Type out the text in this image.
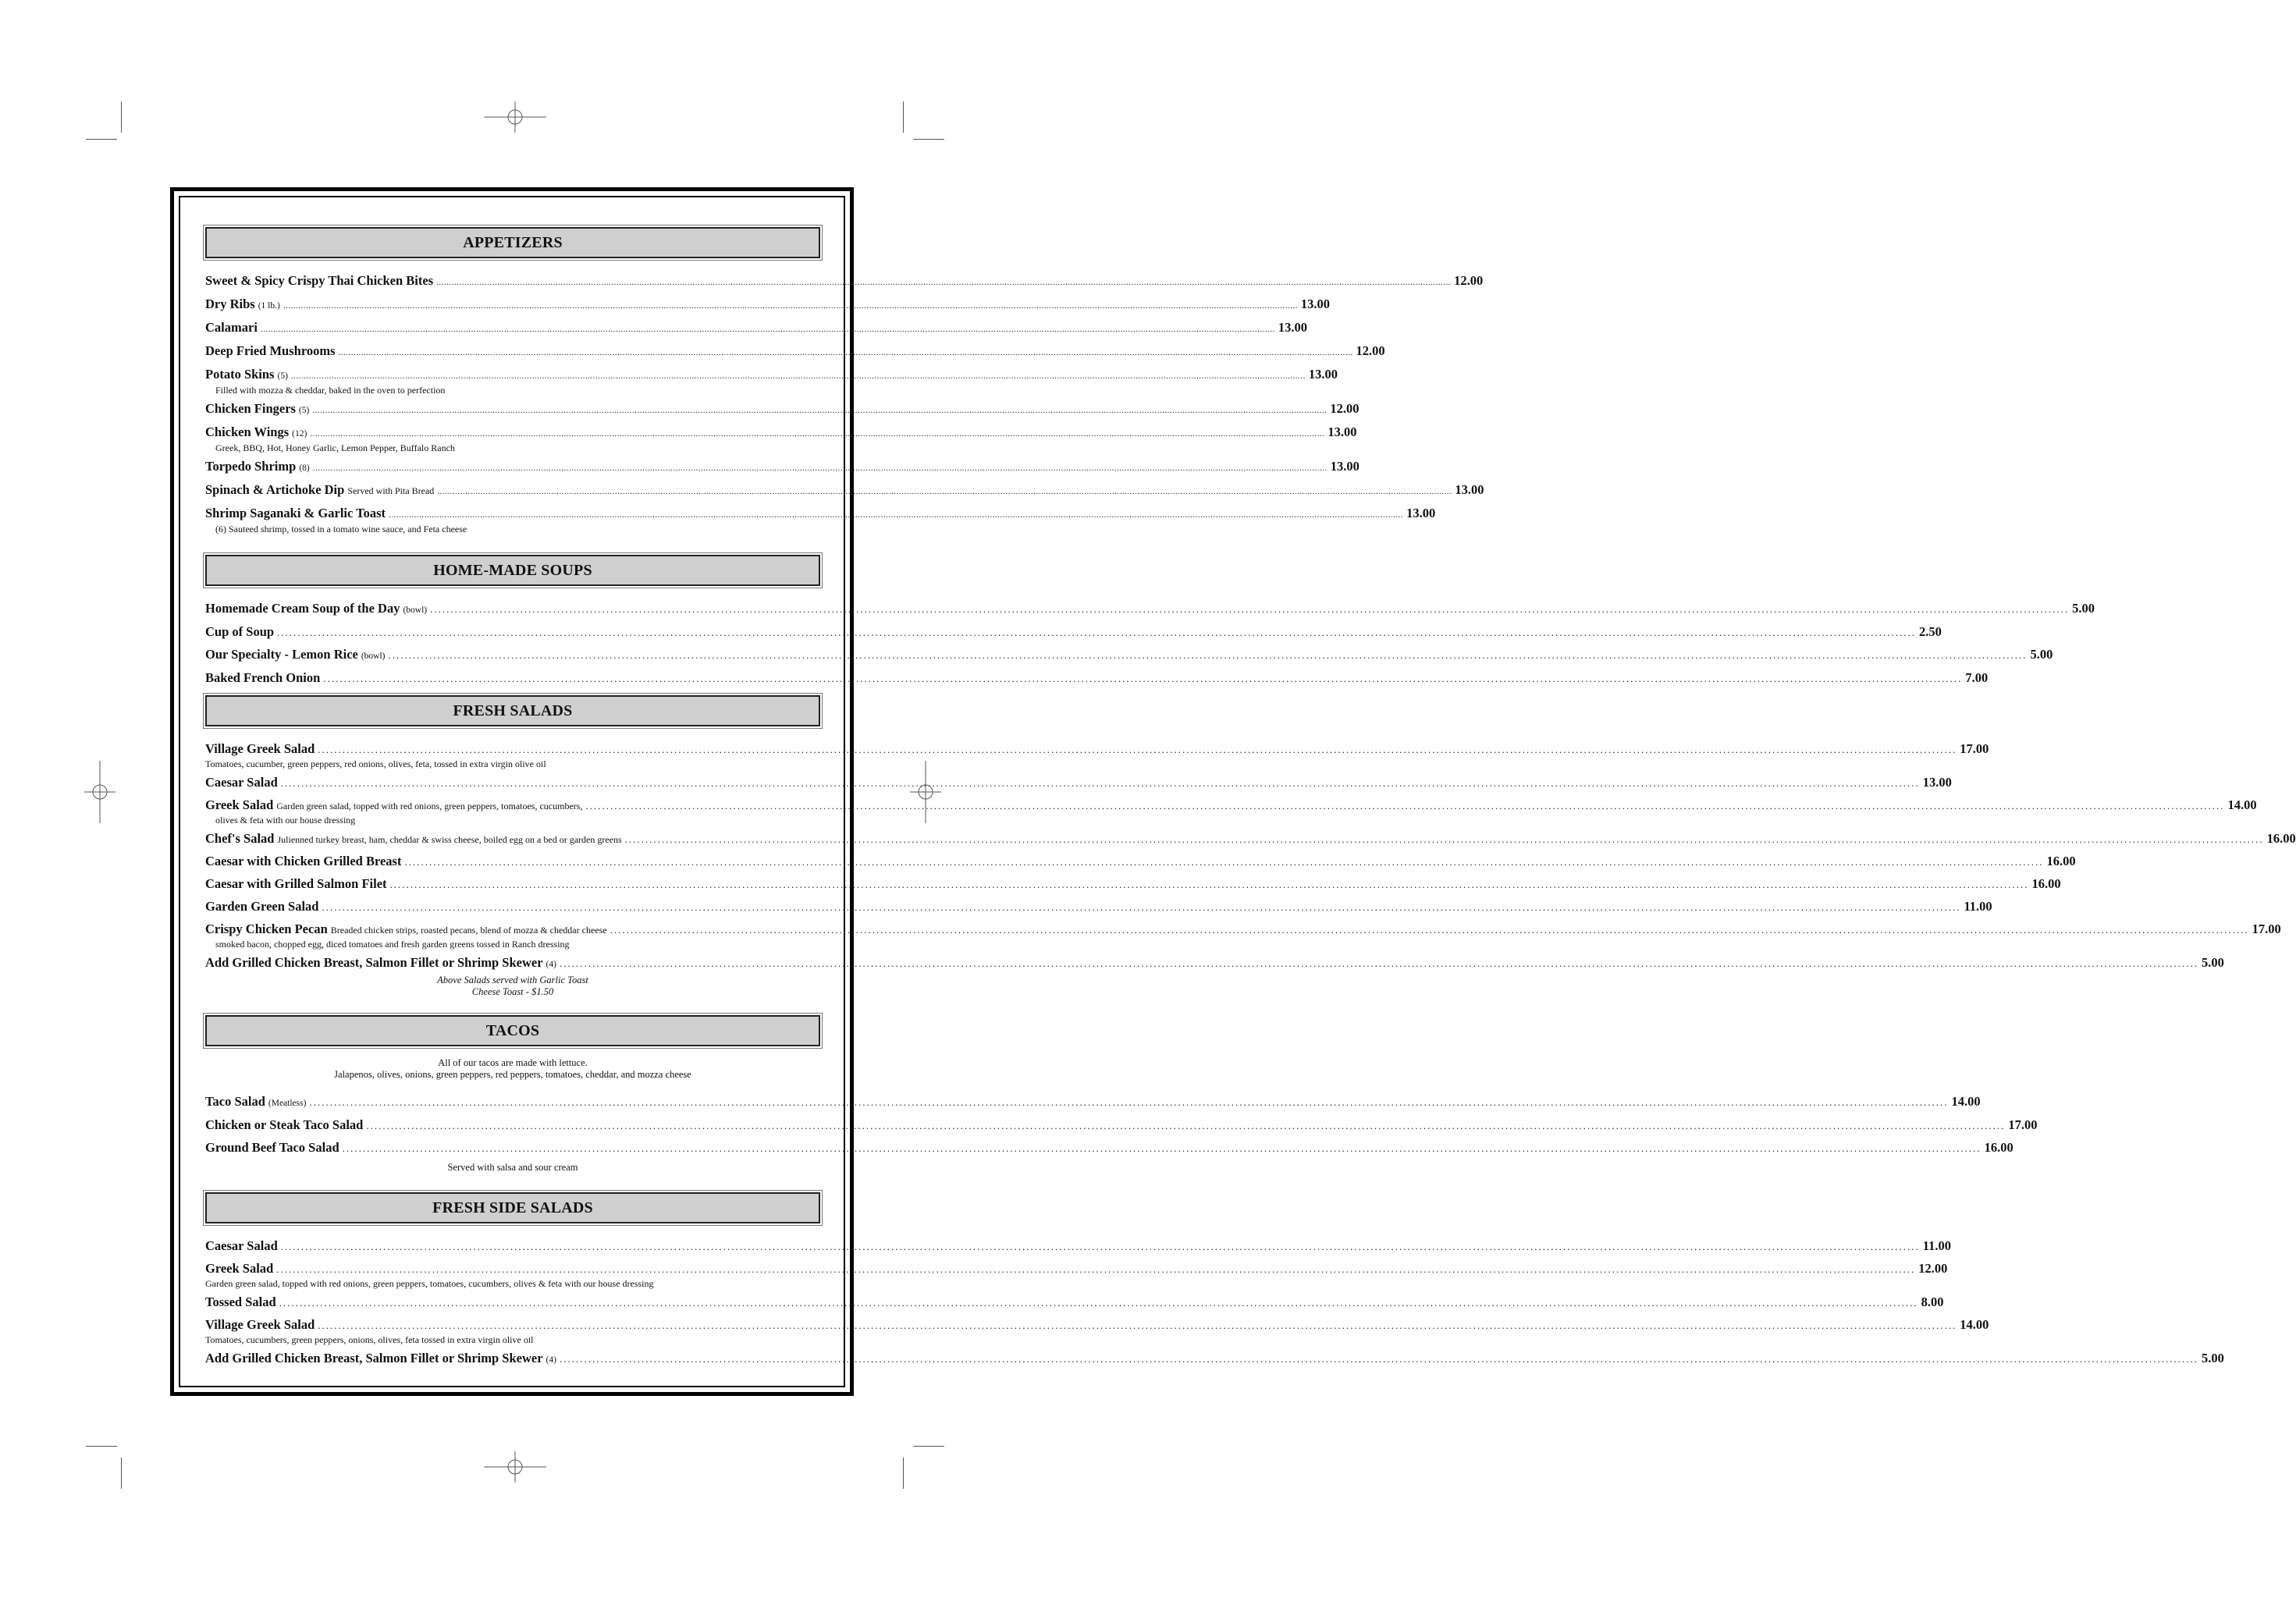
APPETIZERS
Sweet & Spicy Crispy Thai Chicken Bites ................................................................................................................................................................................................................................................................................................................................................................................................................ 12.00
Dry Ribs (1 lb.) ................................................................................................................................................................................................................................................................................................................................................................................................................ 13.00
Calamari ................................................................................................................................................................................................................................................................................................................................................................................................................ 13.00
Deep Fried Mushrooms ................................................................................................................................................................................................................................................................................................................................................................................................................ 12.00
Potato Skins (5) ................................................................................................................................................................................................................................................................................................................................................................................................................ 13.00
Filled with mozza & cheddar, baked in the oven to perfection
Chicken Fingers (5) ................................................................................................................................................................................................................................................................................................................................................................................................................ 12.00
Chicken Wings (12) ................................................................................................................................................................................................................................................................................................................................................................................................................ 13.00
Greek, BBQ, Hot, Honey Garlic, Lemon Pepper, Buffalo Ranch
Torpedo Shrimp (8) ................................................................................................................................................................................................................................................................................................................................................................................................................ 13.00
Spinach & Artichoke Dip Served with Pita Bread ................................................................................................................................................................................................................................................................................................................................................................................................................ 13.00
Shrimp Saganaki & Garlic Toast ................................................................................................................................................................................................................................................................................................................................................................................................................ 13.00
(6) Sauteed shrimp, tossed in a tomato wine sauce, and Feta cheese
HOME-MADE SOUPS
Homemade Cream Soup of the Day (bowl) ................................................................................................................................................................................................................................................................................................................................................................................................................ 5.00
Cup of Soup ................................................................................................................................................................................................................................................................................................................................................................................................................ 2.50
Our Specialty - Lemon Rice (bowl) ................................................................................................................................................................................................................................................................................................................................................................................................................ 5.00
Baked French Onion ................................................................................................................................................................................................................................................................................................................................................................................................................ 7.00
FRESH SALADS
Village Greek Salad ................................................................................................................................................................................................................................................................................................................................................................................................................ 17.00
Tomatoes, cucumber, green peppers, red onions, olives, feta, tossed in extra virgin olive oil
Caesar Salad ................................................................................................................................................................................................................................................................................................................................................................................................................ 13.00
Greek Salad Garden green salad, topped with red onions, green peppers, tomatoes, cucumbers, ................................................................................................................................................................................................................................................................................................................................................................................................................ 14.00
olives & feta with our house dressing
Chef's Salad Julienned turkey breast, ham, cheddar & swiss cheese, boiled egg on a bed or garden greens ................................................................................................................................................................................................................................................................................................................................................................................................................ 16.00
Caesar with Chicken Grilled Breast ................................................................................................................................................................................................................................................................................................................................................................................................................ 16.00
Caesar with Grilled Salmon Filet ................................................................................................................................................................................................................................................................................................................................................................................................................ 16.00
Garden Green Salad ................................................................................................................................................................................................................................................................................................................................................................................................................ 11.00
Crispy Chicken Pecan Breaded chicken strips, roasted pecans, blend of mozza & cheddar cheese ................................................................................................................................................................................................................................................................................................................................................................................................................ 17.00
smoked bacon, chopped egg, diced tomatoes and fresh garden greens tossed in Ranch dressing
Add Grilled Chicken Breast, Salmon Fillet or Shrimp Skewer (4) ................................................................................................................................................................................................................................................................................................................................................................................................................ 5.00
Above Salads served with Garlic Toast
Cheese Toast - $1.50
TACOS
All of our tacos are made with lettuce.
Jalapenos, olives, onions, green peppers, red peppers, tomatoes, cheddar, and mozza cheese
Taco Salad (Meatless) ................................................................................................................................................................................................................................................................................................................................................................................................................ 14.00
Chicken or Steak Taco Salad ................................................................................................................................................................................................................................................................................................................................................................................................................ 17.00
Ground Beef Taco Salad ................................................................................................................................................................................................................................................................................................................................................................................................................ 16.00
Served with salsa and sour cream
FRESH SIDE SALADS
Caesar Salad ................................................................................................................................................................................................................................................................................................................................................................................................................ 11.00
Greek Salad ................................................................................................................................................................................................................................................................................................................................................................................................................ 12.00
Garden green salad, topped with red onions, green peppers, tomatoes, cucumbers, olives & feta with our house dressing
Tossed Salad ................................................................................................................................................................................................................................................................................................................................................................................................................ 8.00
Village Greek Salad ................................................................................................................................................................................................................................................................................................................................................................................................................ 14.00
Tomatoes, cucumbers, green peppers, onions, olives, feta tossed in extra virgin olive oil
Add Grilled Chicken Breast, Salmon Fillet or Shrimp Skewer (4) ................................................................................................................................................................................................................................................................................................................................................................................................................ 5.00
